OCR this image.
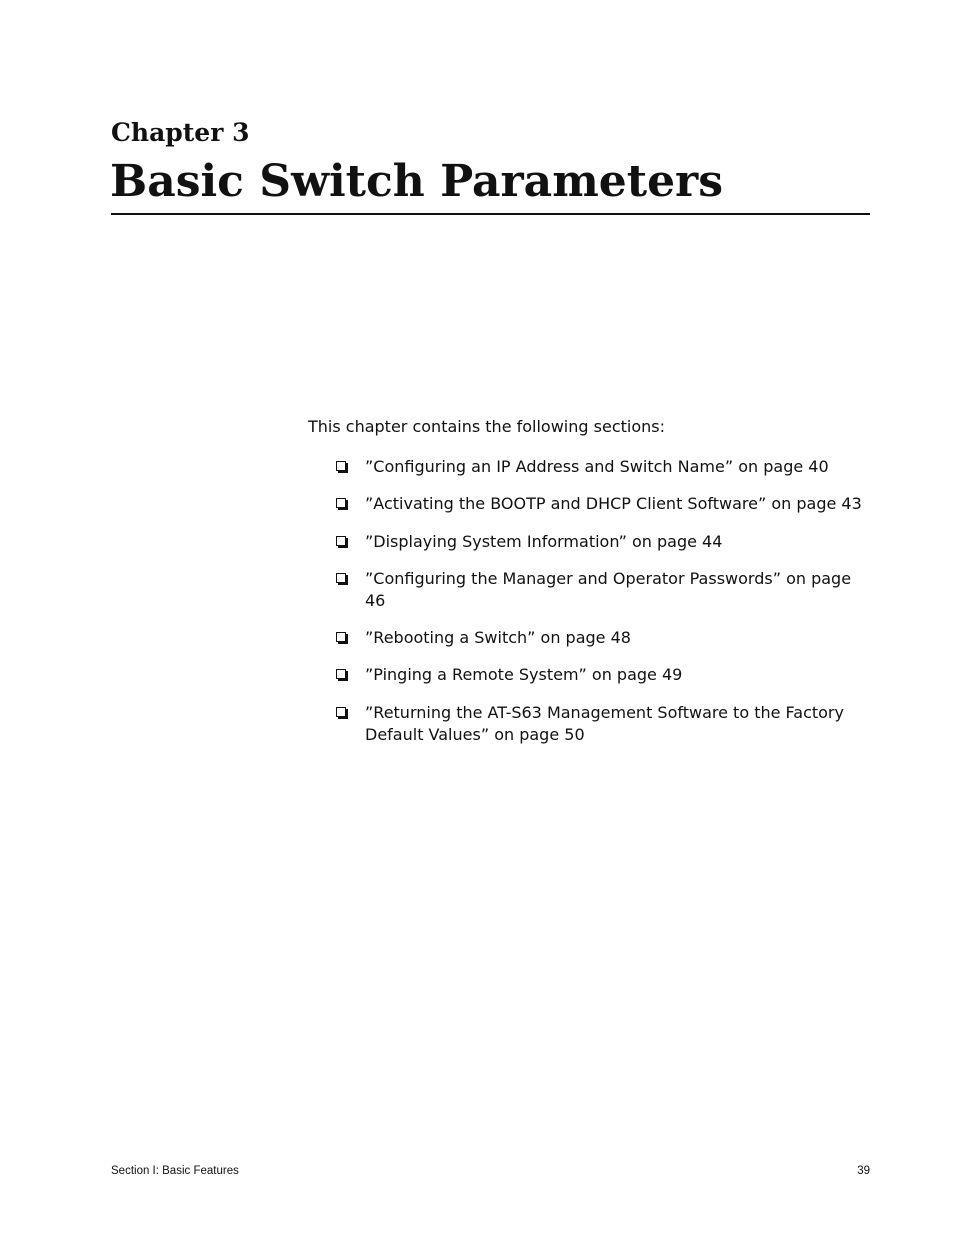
Chapter 3
Basic Switch Parameters

This chapter contains the following sections:

”Configuring an IP Address and Switch Name” on page 40
”Activating the BOOTP and DHCP Client Software” on page 43
”Displaying System Information” on page 44
”Configuring the Manager and Operator Passwords” on page 46
”Rebooting a Switch” on page 48
”Pinging a Remote System” on page 49
”Returning the AT-S63 Management Software to the Factory Default Values” on page 50

Section I: Basic Features	39
